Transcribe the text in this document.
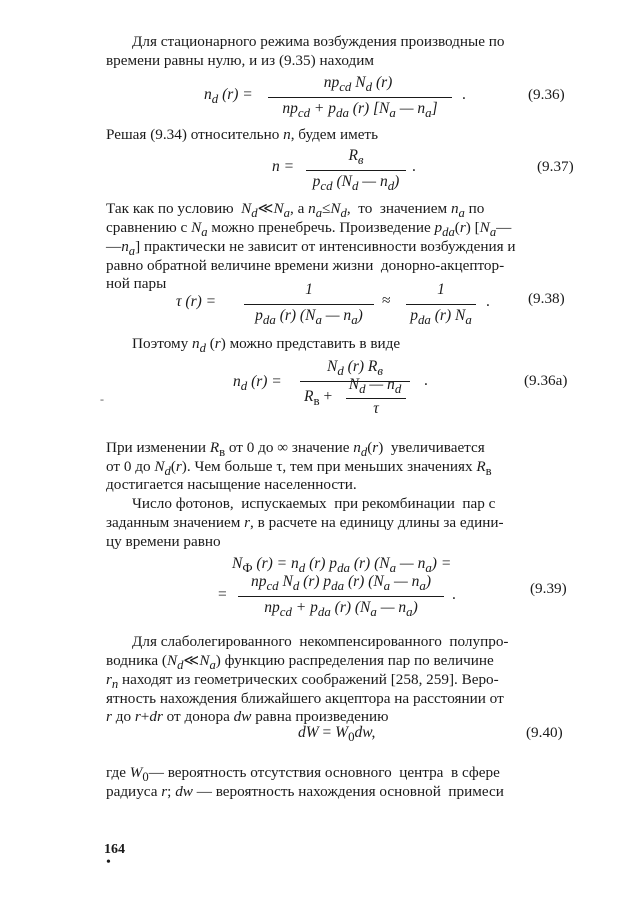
Для стационарного режима возбуждения производные по
времени равны нулю, и из (9.35) находим
$n_d$ (r) =
$np_{cd}$ $N_d$ (r)
$np_{cd} + p_{da}$ (r) [$N_a$ — $n_a$]
.	(9.36)
Решая (9.34) относительно n, будем иметь
n =
$R_в$
$p_{cd}$ ($N_d$ — $n_d$)
.	(9.37)
Так как по условию  $N_d≪N_a$, а $n_a\le N_d$,  то  значением $n_a$ по
сравнению с $N_a$ можно пренебречь. Произведение $p_{da}(r)$ [$N_a—$
$—n_a$] практически не зависит от интенсивности возбуждения и
равно обратной величине времени жизни  донорно-акцептор-
ной пары
τ (r) =
1
$p_{da}$ (r) ($N_a$ — $n_a$)
≈
1
$p_{da}$ (r) $N_a$
.	(9.38)
Поэтому $n_d$ (r) можно представить в виде
$n_d$ (r) =
$N_d$ (r) $R_в$
$R_в$ +
$N_d$ — $n_d$
τ
.	(9.36а)
-
При изменении $R_в$ от 0 до ∞ значение $n_d(r)$  увеличивается
от 0 до $N_d(r)$. Чем больше τ, тем при меньших значениях $R_в$
достигается насыщение населенности.
Число фотонов,  испускаемых  при рекомбинации  пар с
заданным значением r, в расчете на единицу длины за едини-
цу времени равно
$N_Ф$ $(r) = n_d$ (r) $p_{da}$ (r) ($N_a$ — $n_a$) =
=
$np_{cd}$ $N_d$ (r) $p_{da}$ (r) ($N_a$ — $n_a$)
$np_{cd} + p_{da}$ (r) ($N_a$ — $n_a$)
.	(9.39)
Для слаболегированного  некомпенсированного  полупро-
водника $(N_d≪N_a)$ функцию распределения пар по величине
$r_n$ находят из геометрических соображений [258, 259]. Веро-
ятность нахождения ближайшего акцептора на расстоянии от
r до r+dr от донора dw равна произведению
dW = $W_0dw$,	(9.40)
где $W_0—$ вероятность отсутствия основного  центра  в сфере
радиуса r; dw — вероятность нахождения основной  примеси
164
•
